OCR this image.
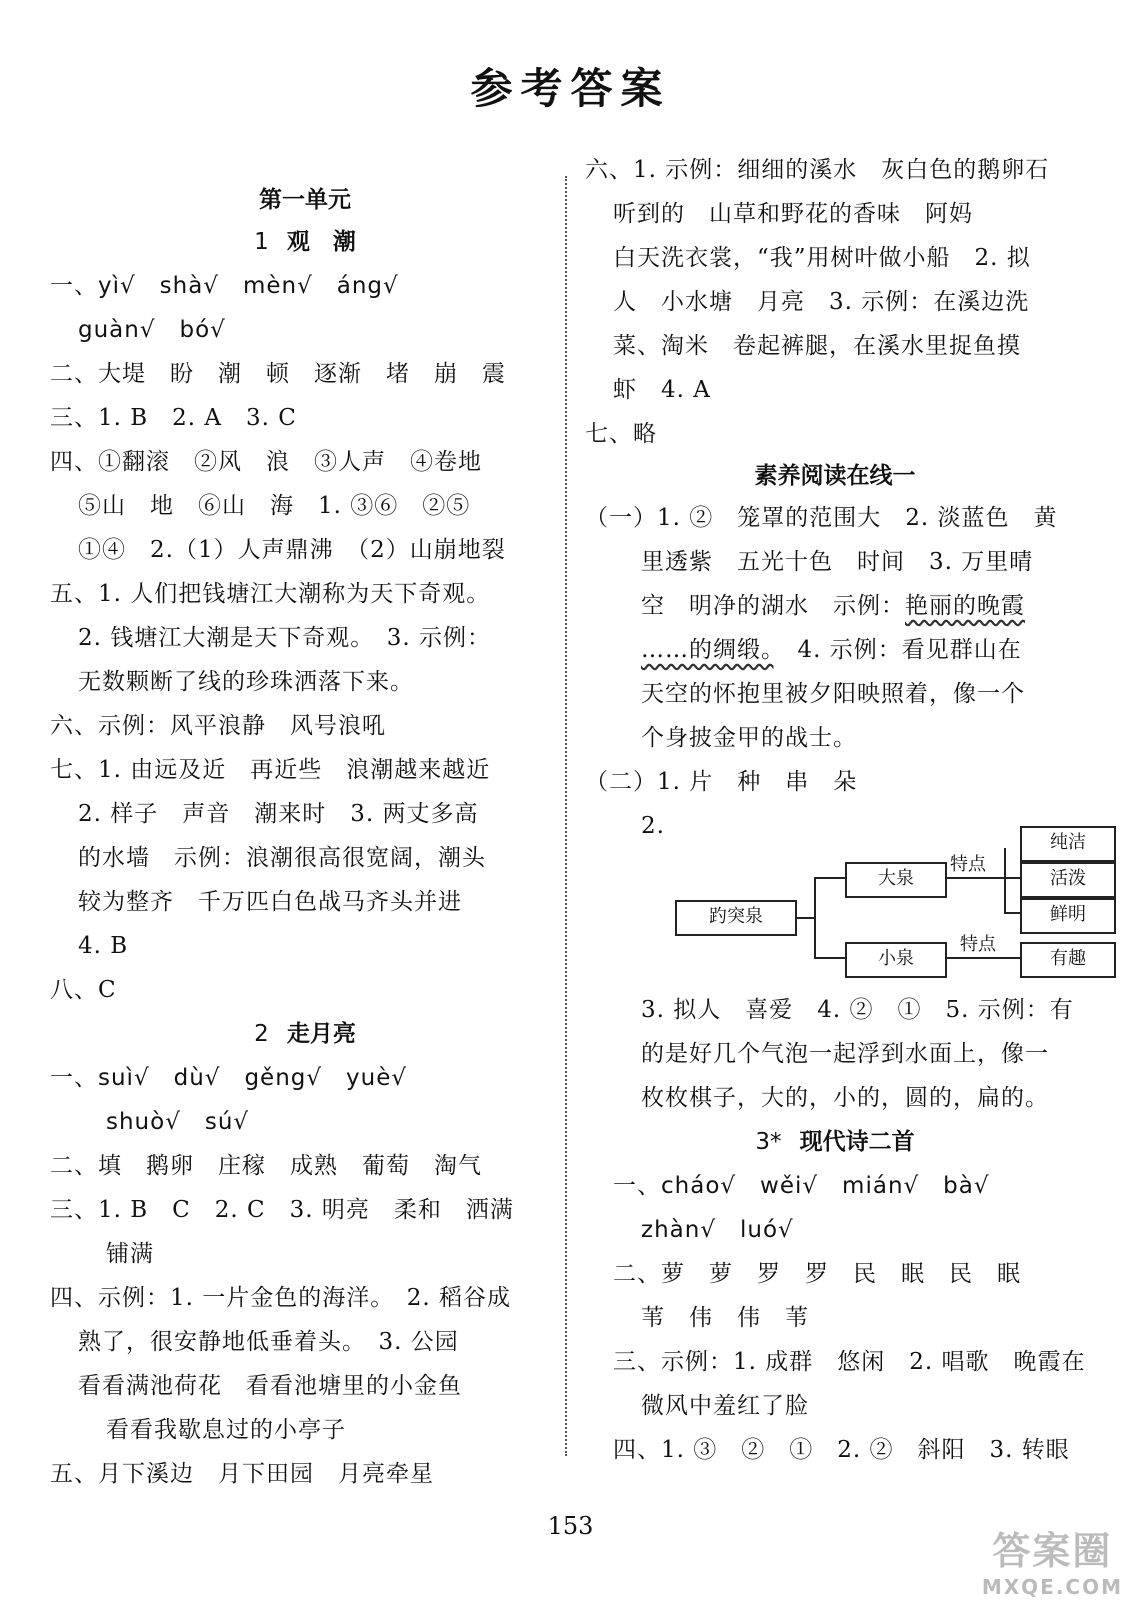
参考答案
第一单元
1 观　潮
一、yì√　shà√　mèn√　áng√
guàn√　bó√
二、大堤　盼　潮　顿　逐渐　堵　崩　震
三、1. B　2. A　3. C
四、①翻滚　②风　浪　③人声　④卷地
⑤山　地　⑥山　海　1. ③⑥　②⑤
①④　2.（1）人声鼎沸　（2）山崩地裂
五、1. 人们把钱塘江大潮称为天下奇观。
2. 钱塘江大潮是天下奇观。　3. 示例：
无数颗断了线的珍珠洒落下来。
六、示例：风平浪静　风号浪吼
七、1. 由远及近　再近些　浪潮越来越近
2. 样子　声音　潮来时　3. 两丈多高
的水墙　示例：浪潮很高很宽阔，潮头
较为整齐　千万匹白色战马齐头并进
4. B
八、C
2 走月亮
一、suì√　dù√　gěng√　yuè√
shuò√　sú√
二、填　鹅卵　庄稼　成熟　葡萄　淘气
三、1. B　C　2. C　3. 明亮　柔和　洒满
铺满
四、示例：1. 一片金色的海洋。　2. 稻谷成
熟了，很安静地低垂着头。　3. 公园
看看满池荷花　看看池塘里的小金鱼
看看我歇息过的小亭子
五、月下溪边　月下田园　月亮牵星
六、1. 示例：细细的溪水　灰白色的鹅卵石
听到的　山草和野花的香味　阿妈
白天洗衣裳，“我”用树叶做小船　2. 拟
人　小水塘　月亮　3. 示例：在溪边洗
菜、淘米　卷起裤腿，在溪水里捉鱼摸
虾　4. A
七、略
素养阅读在线一
（一）1. ②　笼罩的范围大　2. 淡蓝色　黄
里透紫　五光十色　时间　3. 万里晴
空　明净的湖水　示例：艳丽的晚霞
……的绸缎。　4. 示例：看见群山在
天空的怀抱里被夕阳映照着，像一个
个身披金甲的战士。
（二）1. 片　种　串　朵
2.
趵突泉
大泉
小泉
特点
特点
纯洁
活泼
鲜明
有趣
3. 拟人　喜爱　4. ②　①　5. 示例：有
的是好几个气泡一起浮到水面上，像一
枚枚棋子，大的，小的，圆的，扁的。
3* 现代诗二首
一、cháo√　wěi√　mián√　bà√
zhàn√　luó√
二、萝　萝　罗　罗　民　眠　民　眠
苇　伟　伟　苇
三、示例：1. 成群　悠闲　2. 唱歌　晚霞在
微风中羞红了脸
四、1. ③　②　①　2. ②　斜阳　3. 转眼
153
答案圈
MXQE.COM
